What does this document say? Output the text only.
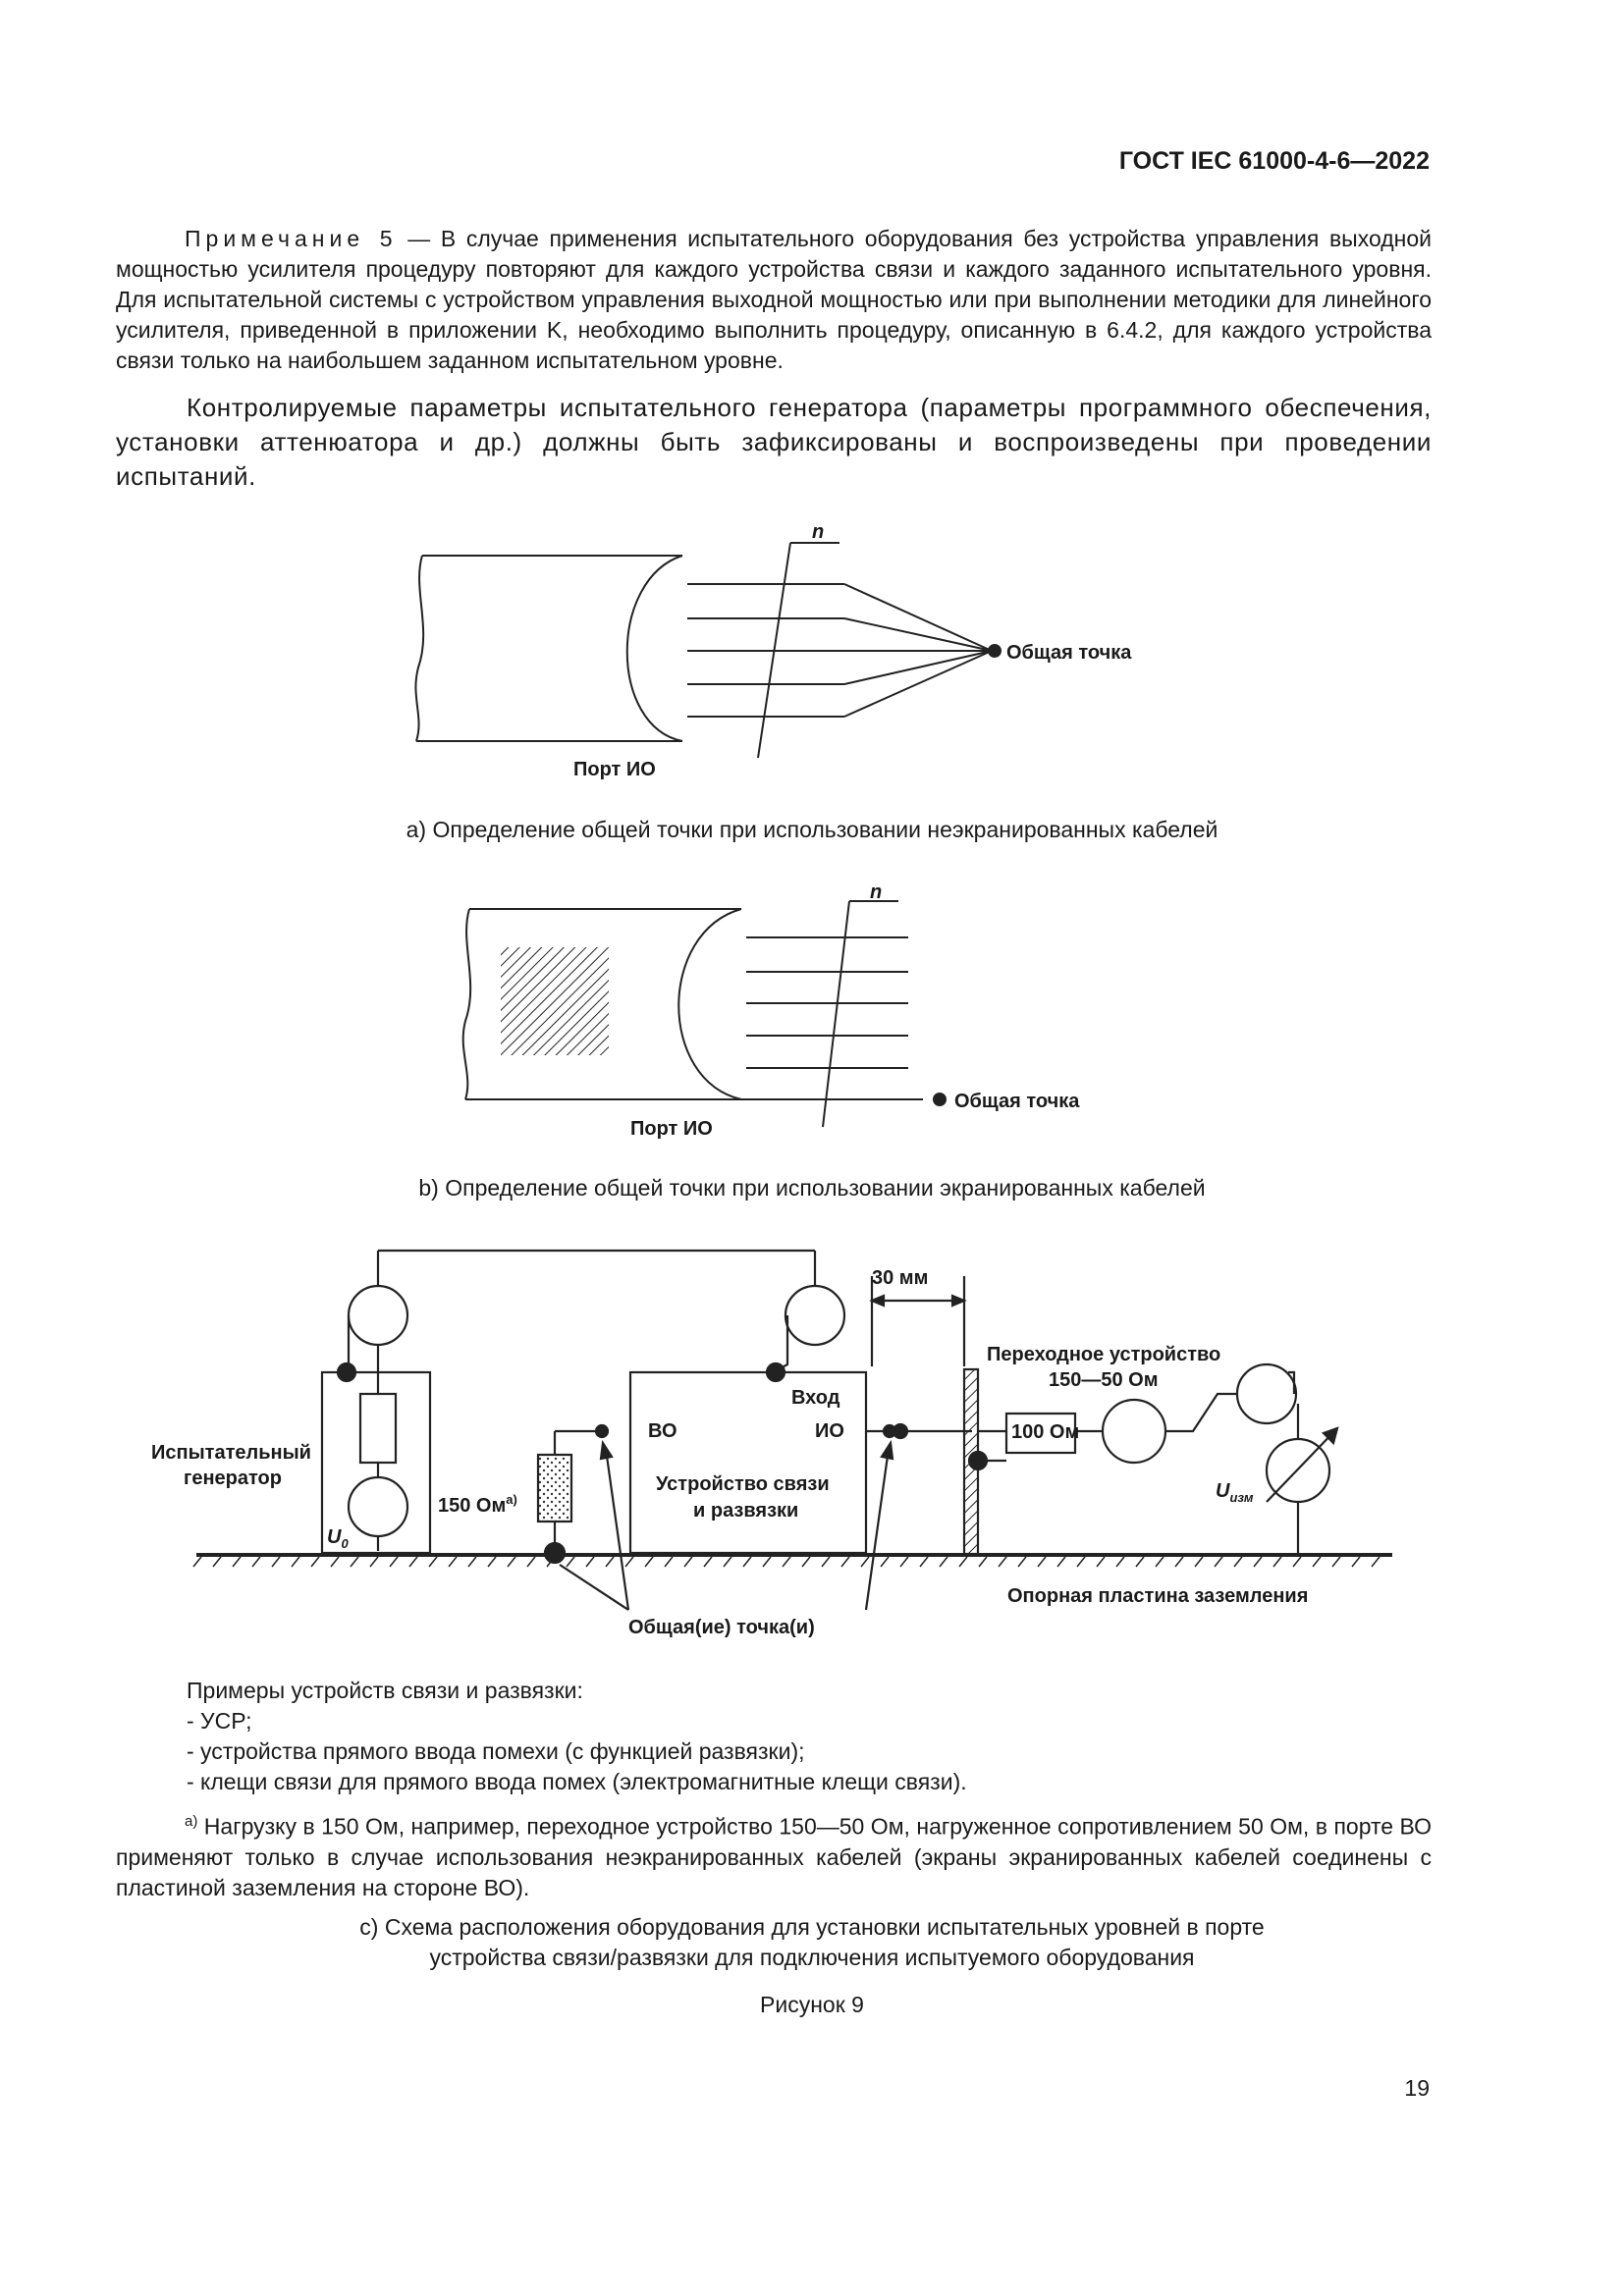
ГОСТ IEC 61000-4-6—2022
Примечание 5 — В случае применения испытательного оборудования без устройства управления выходной мощностью усилителя процедуру повторяют для каждого устройства связи и каждого заданного испытательного уровня. Для испытательной системы с устройством управления выходной мощностью или при выполнении методики для линейного усилителя, приведенной в приложении K, необходимо выполнить процедуру, описанную в 6.4.2, для каждого устройства связи только на наибольшем заданном испытательном уровне.
Контролируемые параметры испытательного генератора (параметры программного обеспечения, установки аттенюатора и др.) должны быть зафиксированы и воспроизведены при проведении испытаний.
n
Общая точка
Порт ИО
n
Общая точка
Порт ИО
30 мм
Переходное устройство
150—50 Ом
Вход
ИО
ВО
Устройство связи
и развязки
Испытательный
генератор
$U_0$
150 $Ом^{a)}$
100 Ом
$U_{изм}$
Опорная пластина заземления
Общая(ие) точка(и)
a) Определение общей точки при использовании неэкранированных кабелей
b) Определение общей точки при использовании экранированных кабелей
Примеры устройств связи и развязки:
- УСР;
- устройства прямого ввода помехи (с функцией развязки);
- клещи связи для прямого ввода помех (электромагнитные клещи связи).
$^{a)}$ Нагрузку в 150 Ом, например, переходное устройство 150—50 Ом, нагруженное сопротивлением 50 Ом, в порте ВО применяют только в случае использования неэкранированных кабелей (экраны экранированных кабелей соединены с пластиной заземления на стороне ВО).
c) Схема расположения оборудования для установки испытательных уровней в порте
устройства связи/развязки для подключения испытуемого оборудования
Рисунок 9
19
